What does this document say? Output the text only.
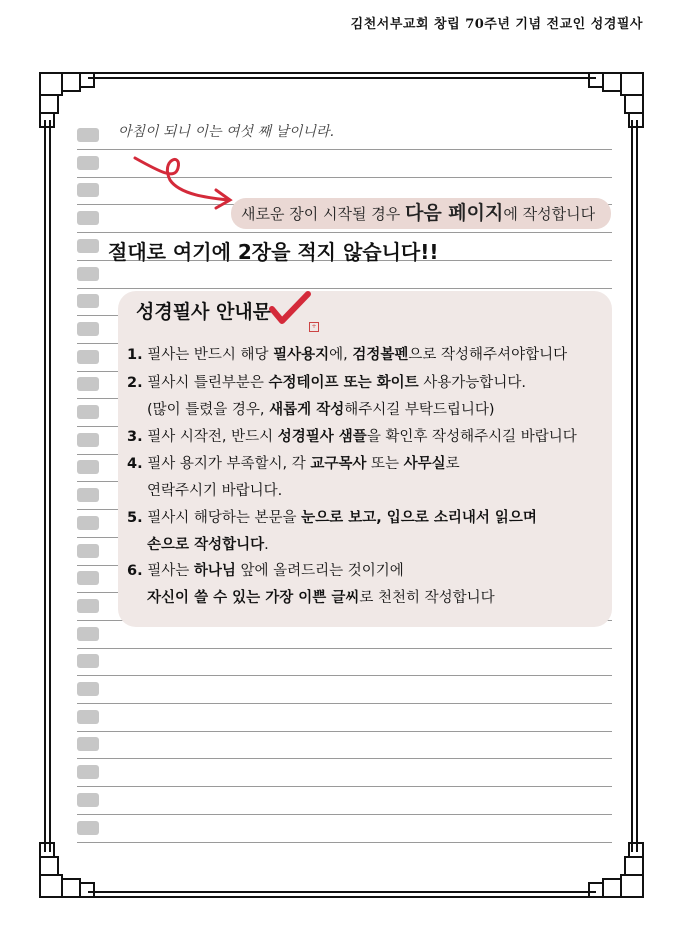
김천서부교회 창립 70주년 기념 전교인 성경필사
아침이 되니 이는 여섯 째 날이니라.
새로운 장이 시작될 경우 다음 페이지에 작성합니다
절대로 여기에 2장을 적지 않습니다!!
성경필사 안내문
+
1. 필사는 반드시 해당 필사용지에, 검정볼펜으로 작성해주셔야합니다
2. 필사시 틀린부분은 수정테이프 또는 화이트 사용가능합니다.
(많이 틀렸을 경우, 새롭게 작성해주시길 부탁드립니다)
3. 필사 시작전, 반드시 성경필사 샘플을 확인후 작성해주시길 바랍니다
4. 필사 용지가 부족할시, 각 교구목사 또는 사무실로
연락주시기 바랍니다.
5. 필사시 해당하는 본문을 눈으로 보고, 입으로 소리내서 읽으며
손으로 작성합니다.
6. 필사는 하나님 앞에 올려드리는 것이기에
자신이 쓸 수 있는 가장 이쁜 글씨로 천천히 작성합니다
